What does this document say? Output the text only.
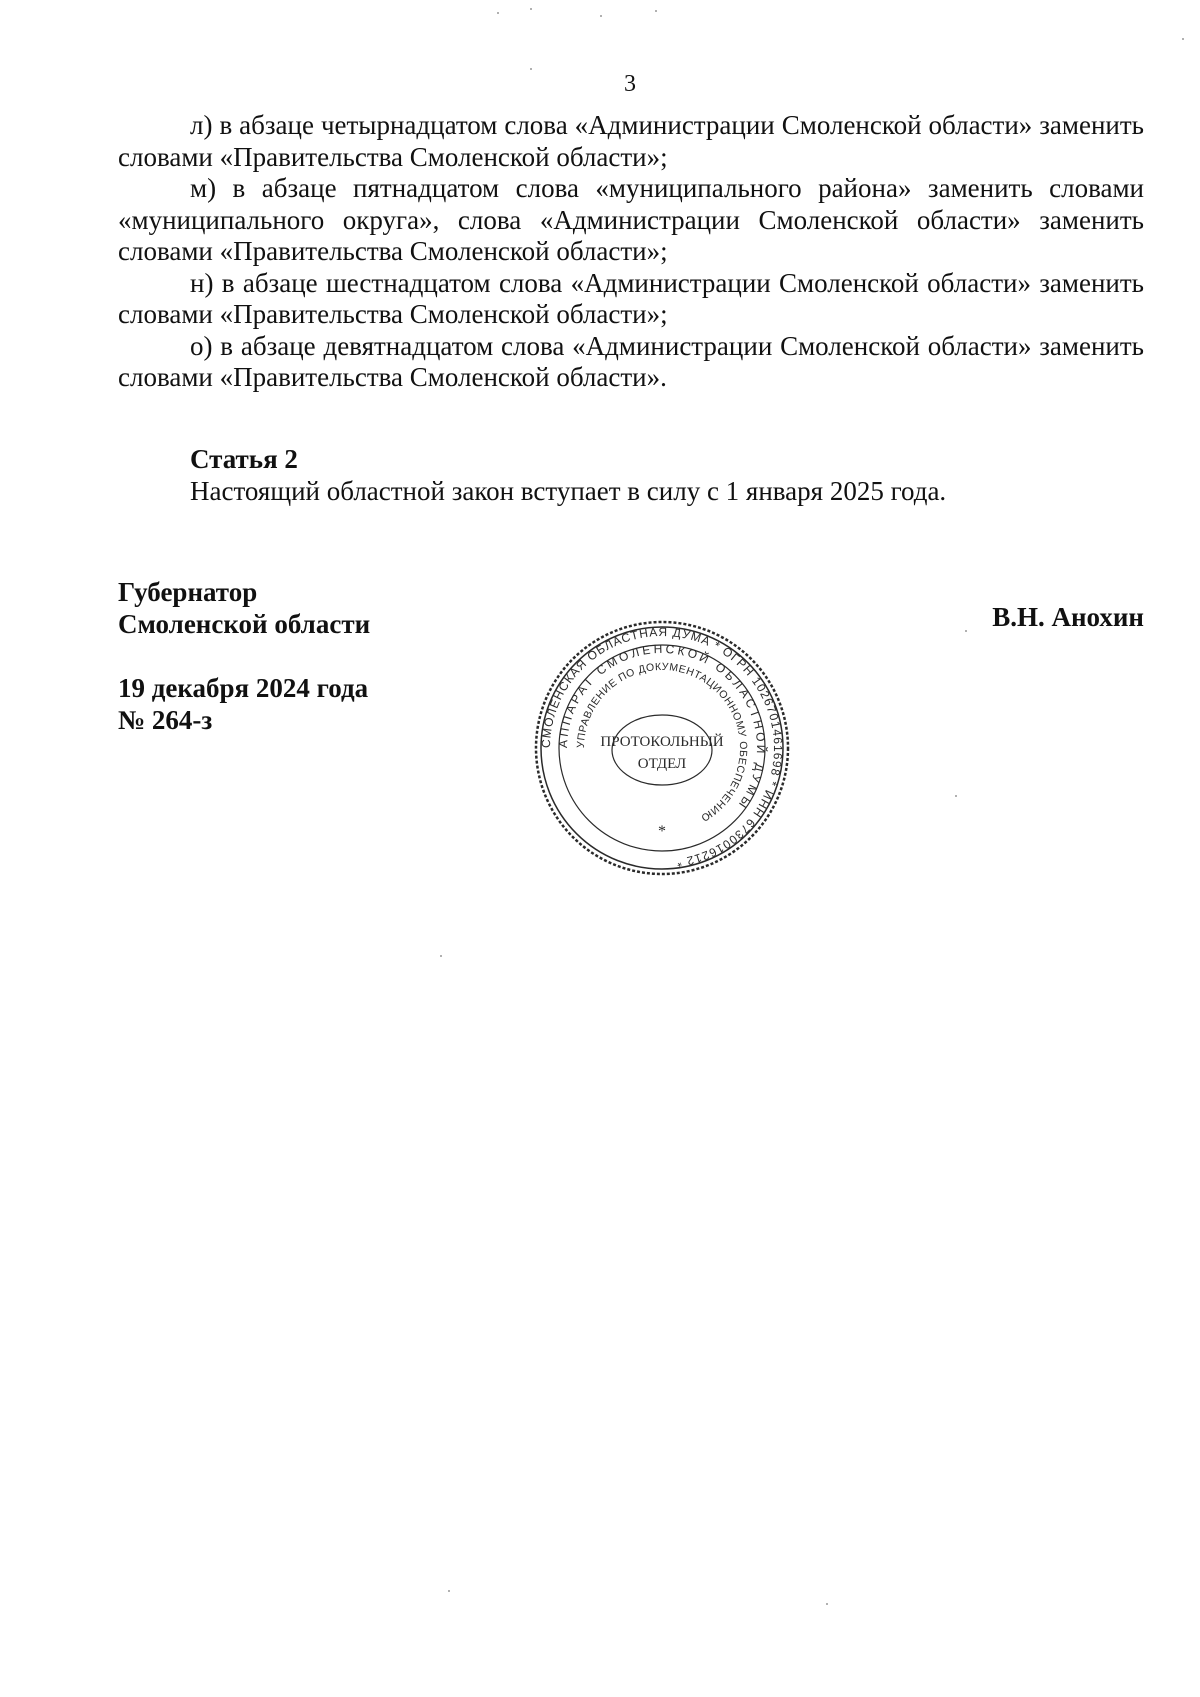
3

л) в абзаце четырнадцатом слова «Администрации Смоленской области» заменить словами «Правительства Смоленской области»;

м) в абзаце пятнадцатом слова «муниципального района» заменить словами «муниципального округа», слова «Администрации Смоленской области» заменить словами «Правительства Смоленской области»;

н) в абзаце шестнадцатом слова «Администрации Смоленской области» заменить словами «Правительства Смоленской области»;

о) в абзаце девятнадцатом слова «Администрации Смоленской области» заменить словами «Правительства Смоленской области».

Статья 2

Настоящий областной закон вступает в силу с 1 января 2025 года.

Губернатор

Смоленской области

19 декабря 2024 года

№ 264-з

В.Н. Анохин
СМОЛЕНСКАЯ ОБЛАСТНАЯ ДУМА * ОГРН 1026701461698 * ИНН 6730016212 *
АППАРАТ СМОЛЕНСКОЙ ОБЛАСТНОЙ ДУМЫ
УПРАВЛЕНИЕ ПО ДОКУМЕНТАЦИОННОМУ ОБЕСПЕЧЕНИЮ
ПРОТОКОЛЬНЫЙ
ОТДЕЛ
*
